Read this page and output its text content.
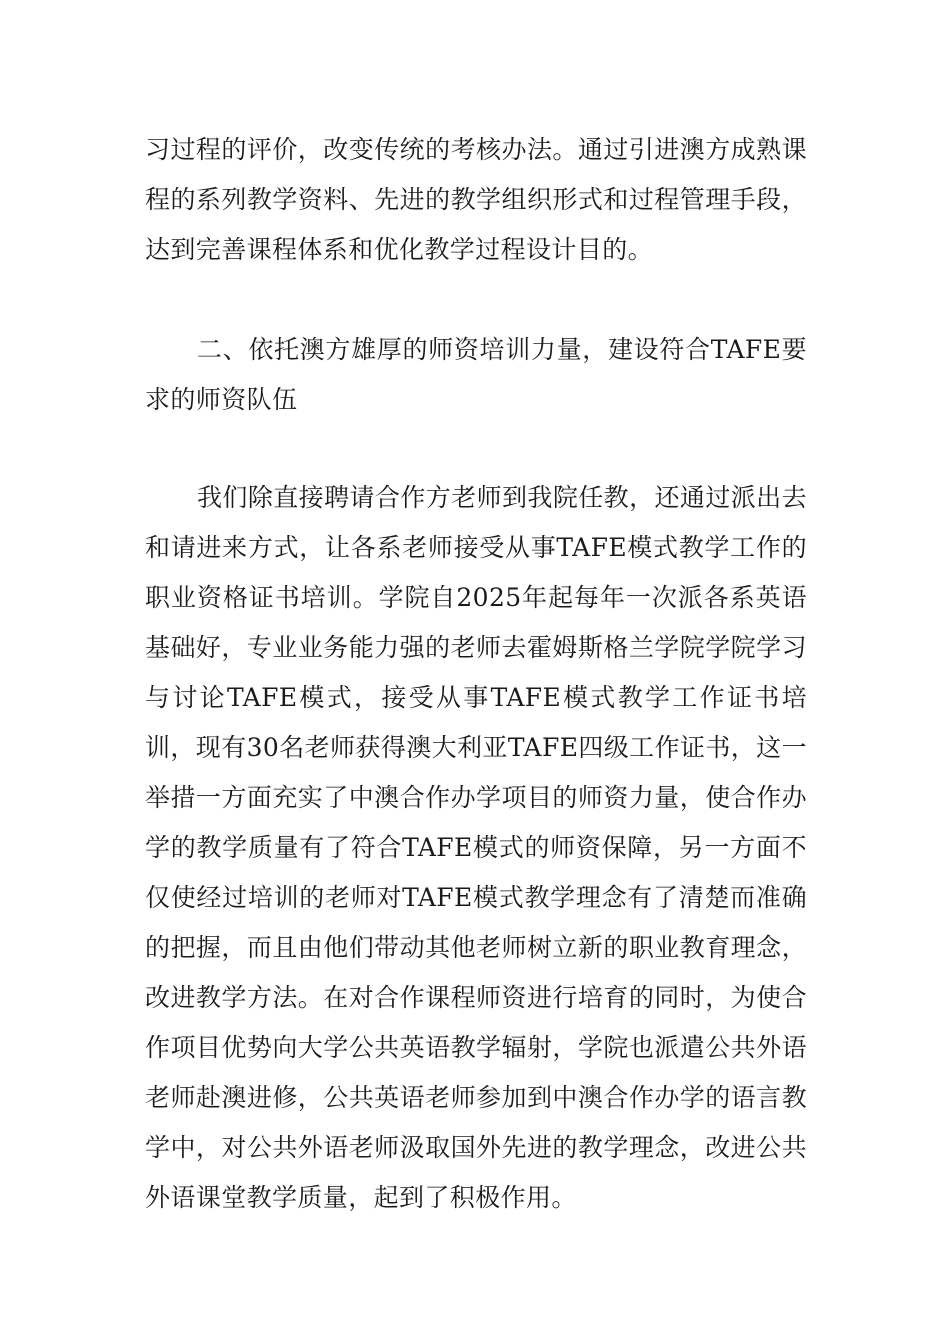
习过程的评价，改变传统的考核办法。通过引进澳方成熟课程的系列教学资料、先进的教学组织形式和过程管理手段，达到完善课程体系和优化教学过程设计目的。

二、依托澳方雄厚的师资培训力量，建设符合TAFE要求的师资队伍

我们除直接聘请合作方老师到我院任教，还通过派出去和请进来方式，让各系老师接受从事TAFE模式教学工作的职业资格证书培训。学院自2025年起每年一次派各系英语基础好，专业业务能力强的老师去霍姆斯格兰学院学院学习与讨论TAFE模式，接受从事TAFE模式教学工作证书培训，现有30名老师获得澳大利亚TAFE四级工作证书，这一举措一方面充实了中澳合作办学项目的师资力量，使合作办学的教学质量有了符合TAFE模式的师资保障，另一方面不仅使经过培训的老师对TAFE模式教学理念有了清楚而准确的把握，而且由他们带动其他老师树立新的职业教育理念，改进教学方法。在对合作课程师资进行培育的同时，为使合作项目优势向大学公共英语教学辐射，学院也派遣公共外语老师赴澳进修，公共英语老师参加到中澳合作办学的语言教学中，对公共外语老师汲取国外先进的教学理念，改进公共外语课堂教学质量，起到了积极作用。
